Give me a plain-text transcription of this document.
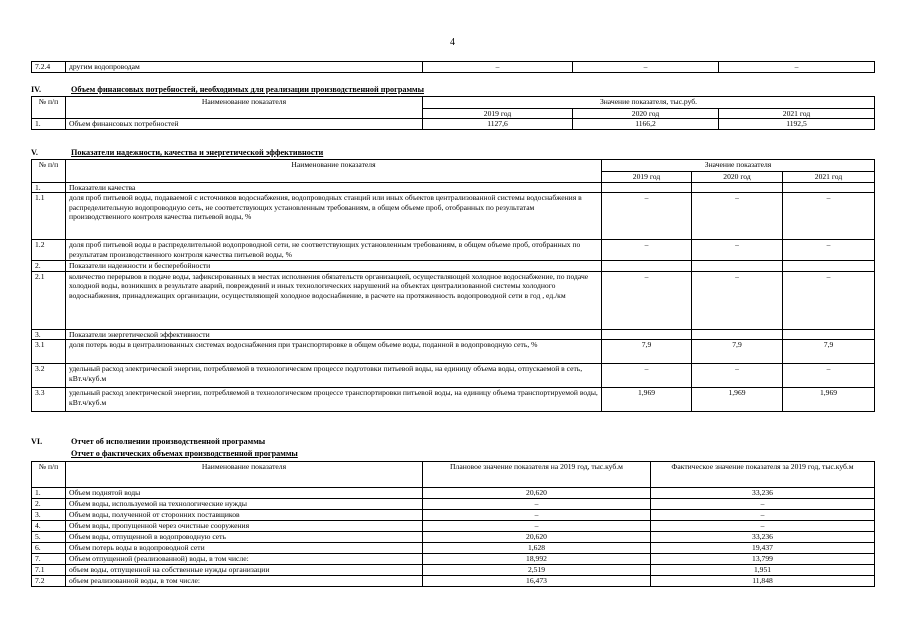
4
7.2.4	другим водопроводам	–	–	–
IV.	Объем финансовых потребностей, необходимых для реализации производственной программы
№ п/п	Наименование показателя	Значение показателя, тыс.руб.		
		2019 год	2020 год	2021 год
1.	Объем финансовых потребностей	1127,6	1166,2	1192,5
V.	Показатели надежности, качества и энергетической эффективности
№ п/п	Наименование показателя	Значение показателя		
		2019 год	2020 год	2021 год
1.	Показатели качества			
1.1	доля проб питьевой воды, подаваемой с источников водоснабжения, водопроводных станций или иных объектов централизованной системы водоснабжения в распределительную водопроводную сеть, не соответствующих установленным требованиям, в общем объеме проб, отобранных по результатам производственного контроля качества питьевой воды, %	–	–	–
1.2	доля проб питьевой воды в распределительной водопроводной сети, не соответствующих установленным требованиям, в общем объеме проб, отобранных по результатам производственного контроля качества питьевой воды, %	–	–	–
2.	Показатели надежности и бесперебойности			
2.1	количество перерывов в подаче воды, зафиксированных в местах исполнения обязательств организацией, осуществляющей холодное водоснабжение, по подаче холодной воды, возникших в результате аварий, повреждений и иных технологических нарушений на объектах централизованной системы холодного водоснабжения, принадлежащих организации, осуществляющей холодное водоснабжение, в расчете на протяженность водопроводной сети в год , ед./км	–	–	–
3.	Показатели энергетической эффективности			
3.1	доля потерь воды в централизованных системах водоснабжения при транспортировке в общем объеме воды, поданной в водопроводную сеть, %	7,9	7,9	7,9
3.2	удельный расход электрической энергии, потребляемой в технологическом процессе подготовки питьевой воды, на единицу объема воды, отпускаемой в сеть, кВт.ч/куб.м	–	–	–
3.3	удельный расход электрической энергии, потребляемой в технологическом процессе транспортировки питьевой воды, на единицу объема транспортируемой воды, кВт.ч/куб.м	1,969	1,969	1,969
VI.	Отчет об исполнении производственной программы
Отчет о фактических объемах производственной программы
№ п/п	Наименование показателя	Плановое значение показателя на 2019 год, тыс.куб.м	Фактическое значение показателя за 2019 год, тыс.куб.м
1.	Объем поднятой воды	20,620	33,236
2.	Объем воды, используемой на технологические нужды	–	–
3.	Объем воды, полученной от сторонних поставщиков	–	–
4.	Объем воды, пропущенной через очистные сооружения	–	–
5.	Объем воды, отпущенной в водопроводную сеть	20,620	33,236
6.	Объем потерь воды в водопроводной сети	1,628	19,437
7.	Объем отпущенной (реализованной) воды, в том числе:	18,992	13,799
7.1	объем воды, отпущенной на собственные нужды организации	2,519	1,951
7.2	объем реализованной воды, в том числе:	16,473	11,848
